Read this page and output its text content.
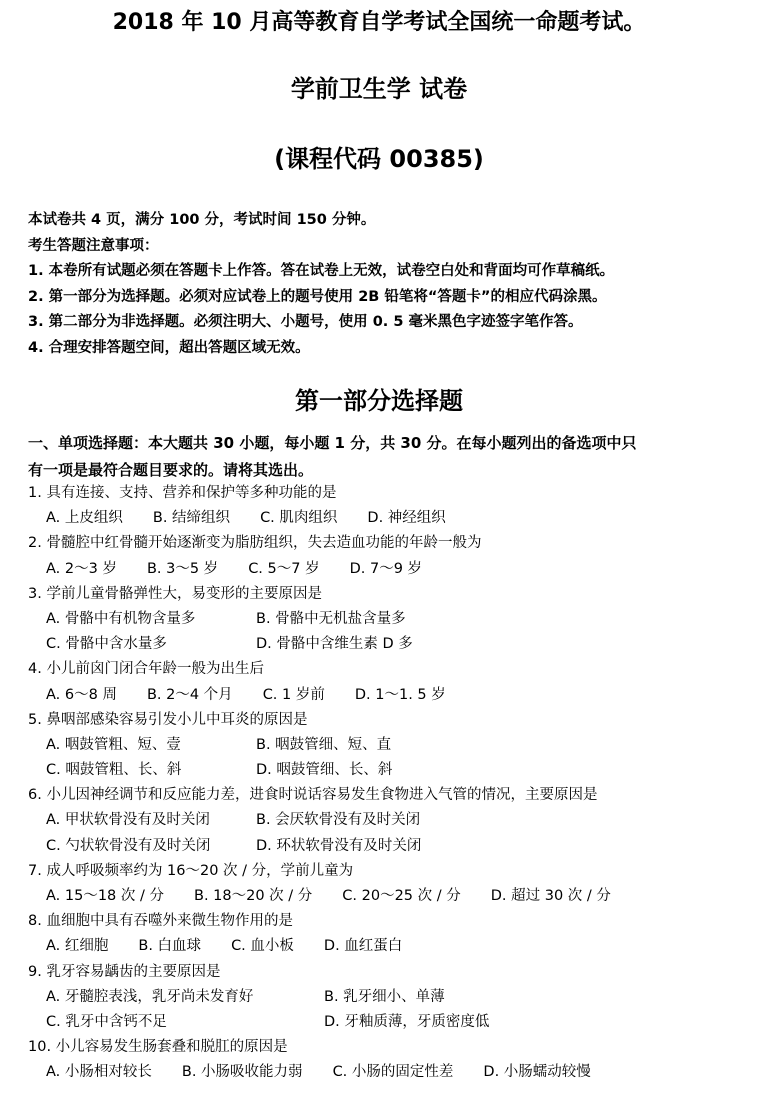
2018 年 10 月高等教育自学考试全国统一命题考试。
学前卫生学 试卷
(课程代码 00385)
本试卷共 4 页，满分 100 分，考试时间 150 分钟。
考生答题注意事项：
1. 本卷所有试题必须在答题卡上作答。答在试卷上无效，试卷空白处和背面均可作草稿纸。
2. 第一部分为选择题。必须对应试卷上的题号使用 2B 铅笔将“答题卡”的相应代码涂黑。
3. 第二部分为非选择题。必须注明大、小题号，使用 0. 5 毫米黑色字迹签字笔作答。
4. 合理安排答题空间，超出答题区域无效。
第一部分选择题
一、单项选择题：本大题共 30 小题，每小题 1 分，共 30 分。在每小题列出的备选项中只
有一项是最符合题目要求的。请将其选出。
1. 具有连接、支持、营养和保护等多种功能的是
A. 上皮组织 B. 结缔组织 C. 肌肉组织 D. 神经组织
2. 骨髓腔中红骨髓开始逐渐变为脂肪组织，失去造血功能的年龄一般为
A. 2～3 岁 B. 3～5 岁 C. 5～7 岁 D. 7～9 岁
3. 学前儿童骨骼弹性大，易变形的主要原因是
A. 骨骼中有机物含量多	B. 骨骼中无机盐含量多
C. 骨骼中含水量多	D. 骨骼中含维生素 D 多
4. 小儿前囟门闭合年龄一般为出生后
A. 6～8 周 B. 2～4 个月 C. 1 岁前 D. 1～1. 5 岁
5. 鼻咽部感染容易引发小儿中耳炎的原因是
A. 咽鼓管粗、短、壹	B. 咽鼓管细、短、直
C. 咽鼓管粗、长、斜	D. 咽鼓管细、长、斜
6. 小儿因神经调节和反应能力差，进食时说话容易发生食物进入气管的情况，主要原因是
A. 甲状软骨没有及时关闭	B. 会厌软骨没有及时关闭
C. 勺状软骨没有及时关闭	D. 环状软骨没有及时关闭
7. 成人呼吸频率约为 16～20 次 / 分，学前儿童为
A. 15～18 次 / 分 B. 18～20 次 / 分 C. 20～25 次 / 分 D. 超过 30 次 / 分
8. 血细胞中具有吞噬外来微生物作用的是
A. 红细胞 B. 白血球 C. 血小板 D. 血红蛋白
9. 乳牙容易龋齿的主要原因是
A. 牙髓腔表浅，乳牙尚未发育好	B. 乳牙细小、单薄
C. 乳牙中含钙不足	D. 牙釉质薄，牙质密度低
10. 小儿容易发生肠套叠和脱肛的原因是
A. 小肠相对较长 B. 小肠吸收能力弱 C. 小肠的固定性差 D. 小肠蠕动较慢
